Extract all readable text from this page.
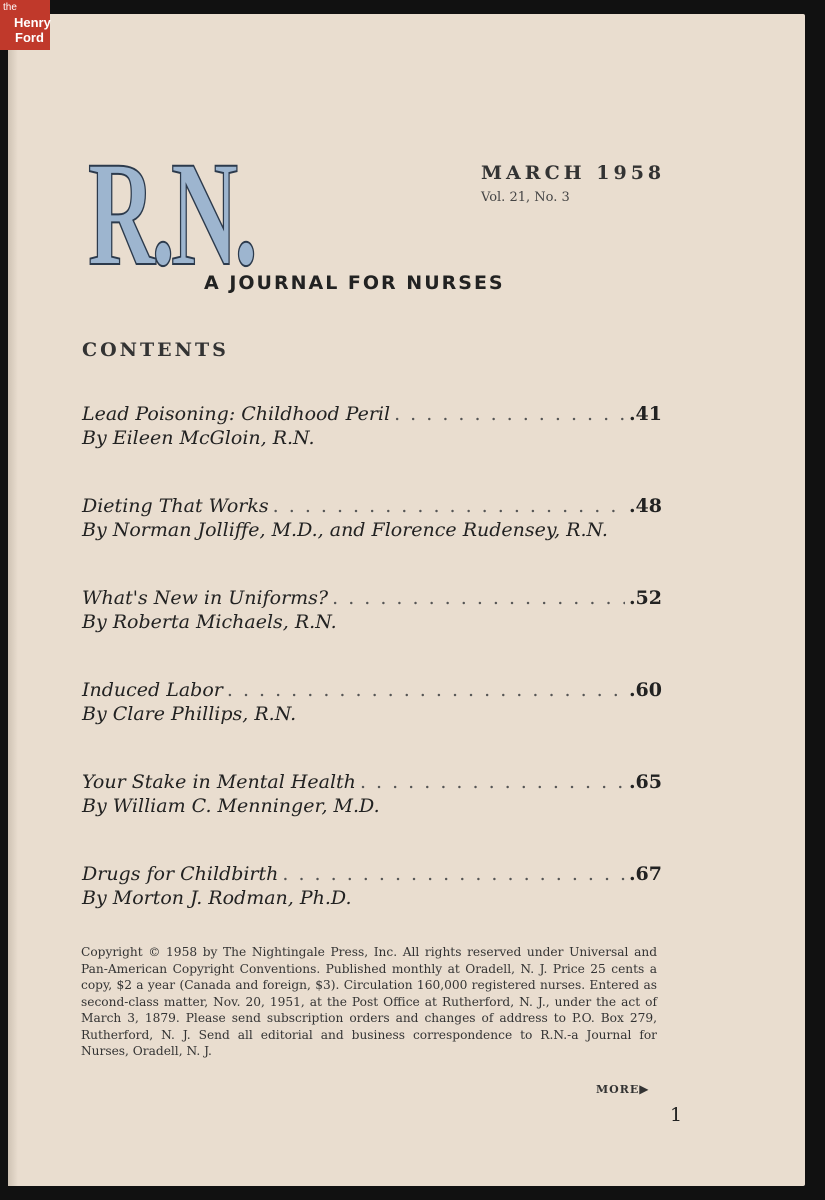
the
Henry
Ford
R.N.
A JOURNAL FOR NURSES
MARCH 1958
Vol. 21, No. 3
CONTENTS
Lead Poisoning: Childhood Peril . . .	.41
By Eileen McGloin, R.N.
Dieting That Works . . .	.48
By Norman Jolliffe, M.D., and Florence Rudensey, R.N.
What's New in Uniforms? . . .	.52
By Roberta Michaels, R.N.
Induced Labor . . .	.60
By Clare Phillips, R.N.
Your Stake in Mental Health . . .	.65
By William C. Menninger, M.D.
Drugs for Childbirth . . .	.67
By Morton J. Rodman, Ph.D.
Copyright © 1958 by The Nightingale Press, Inc. All rights reserved under Universal and Pan-American Copyright Conventions. Published monthly at Oradell, N. J. Price 25 cents a copy, $2 a year (Canada and foreign, $3). Circulation 160,000 registered nurses. Entered as second-class matter, Nov. 20, 1951, at the Post Office at Rutherford, N. J., under the act of March 3, 1879. Please send subscription orders and changes of address to P.O. Box 279, Rutherford, N. J. Send all editorial and business correspondence to R.N.-a Journal for Nurses, Oradell, N. J.
MORE▶
1
